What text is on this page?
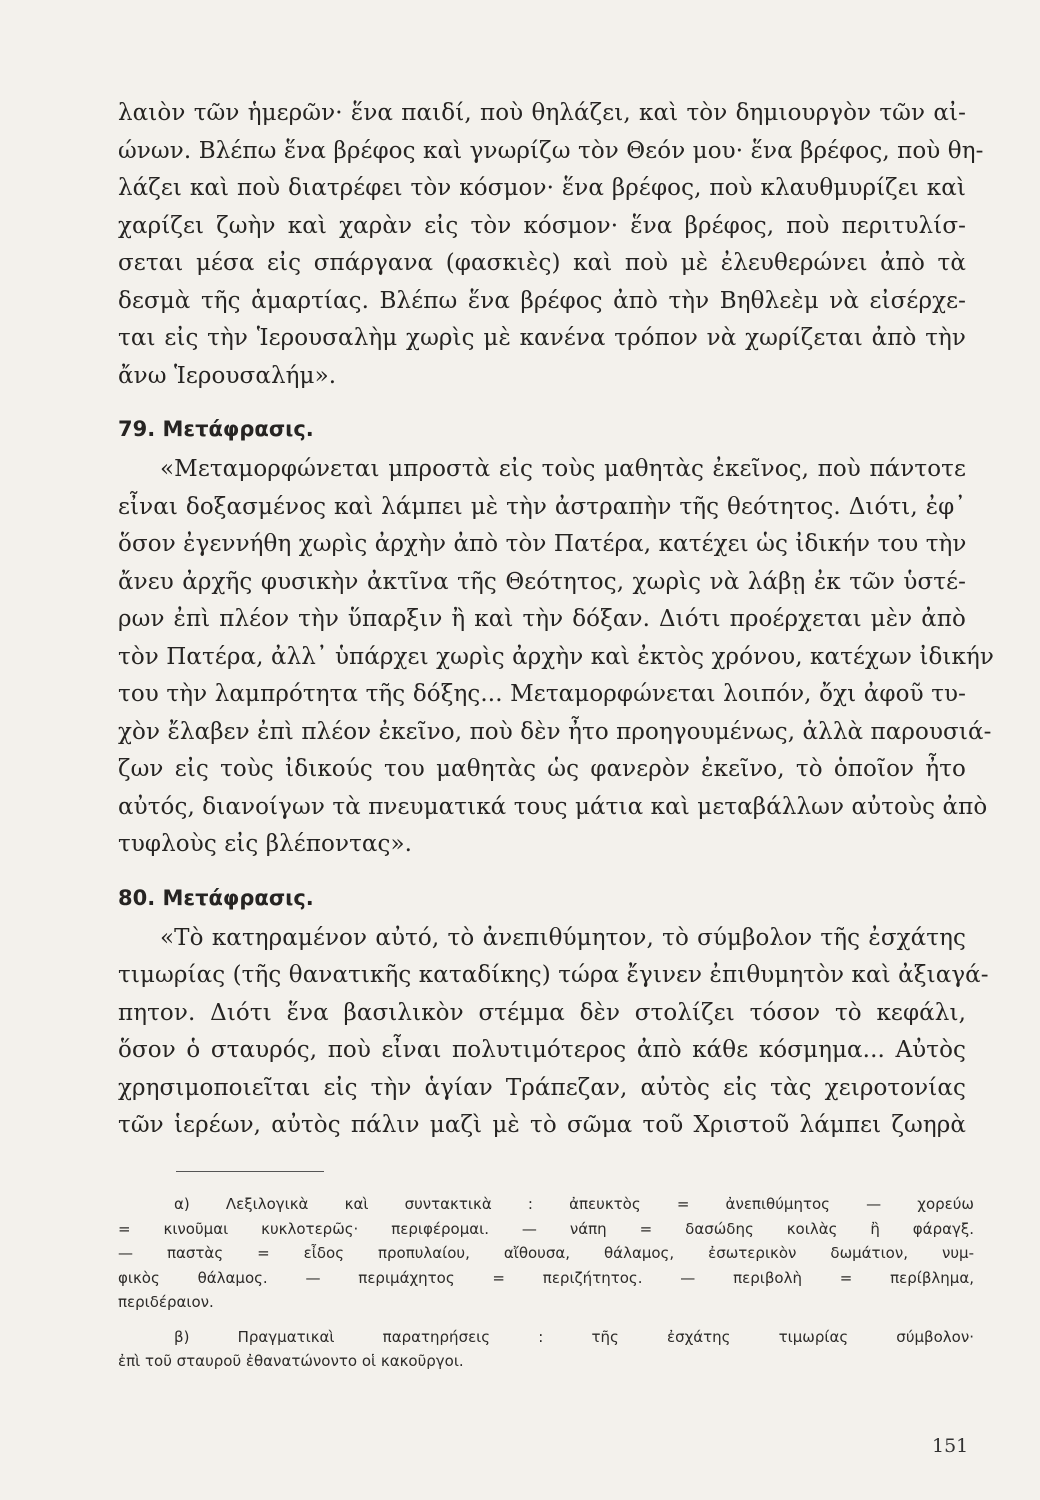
λαιὸν τῶν ἡμερῶν· ἕνα παιδί, ποὺ θηλάζει, καὶ τὸν δημιουργὸν τῶν αἰ-
ώνων. Βλέπω ἕνα βρέφος καὶ γνωρίζω τὸν Θεόν μου· ἕνα βρέφος, ποὺ θη-
λάζει καὶ ποὺ διατρέφει τὸν κόσμον· ἕνα βρέφος, ποὺ κλαυθμυρίζει καὶ
χαρίζει ζωὴν καὶ χαρὰν εἰς τὸν κόσμον· ἕνα βρέφος, ποὺ περιτυλίσ-
σεται μέσα εἰς σπάργανα (φασκιὲς) καὶ ποὺ μὲ ἐλευθερώνει ἀπὸ τὰ
δεσμὰ τῆς ἁμαρτίας. Βλέπω ἕνα βρέφος ἀπὸ τὴν Βηθλεὲμ νὰ εἰσέρχε-
ται εἰς τὴν Ἱερουσαλὴμ χωρὶς μὲ κανένα τρόπον νὰ χωρίζεται ἀπὸ τὴν
ἄνω Ἱερουσαλήμ».
79. Μετάφρασις.
«Μεταμορφώνεται μπροστὰ εἰς τοὺς μαθητὰς ἐκεῖνος, ποὺ πάντοτε
εἶναι δοξασμένος καὶ λάμπει μὲ τὴν ἀστραπὴν τῆς θεότητος. Διότι, ἐφ᾿
ὅσον ἐγεννήθη χωρὶς ἀρχὴν ἀπὸ τὸν Πατέρα, κατέχει ὡς ἰδικήν του τὴν
ἄνευ ἀρχῆς φυσικὴν ἀκτῖνα τῆς Θεότητος, χωρὶς νὰ λάβῃ ἐκ τῶν ὑστέ-
ρων ἐπὶ πλέον τὴν ὕπαρξιν ἢ καὶ τὴν δόξαν. Διότι προέρχεται μὲν ἀπὸ
τὸν Πατέρα, ἀλλ᾿ ὑπάρχει χωρὶς ἀρχὴν καὶ ἐκτὸς χρόνου, κατέχων ἰδικήν
του τὴν λαμπρότητα τῆς δόξης... Μεταμορφώνεται λοιπόν, ὄχι ἀφοῦ τυ-
χὸν ἔλαβεν ἐπὶ πλέον ἐκεῖνο, ποὺ δὲν ἦτο προηγουμένως, ἀλλὰ παρουσιά-
ζων εἰς τοὺς ἰδικούς του μαθητὰς ὡς φανερὸν ἐκεῖνο, τὸ ὁποῖον ἦτο
αὐτός, διανοίγων τὰ πνευματικά τους μάτια καὶ μεταβάλλων αὐτοὺς ἀπὸ
τυφλοὺς εἰς βλέποντας».
80. Μετάφρασις.
«Τὸ κατηραμένον αὐτό, τὸ ἀνεπιθύμητον, τὸ σύμβολον τῆς ἐσχάτης
τιμωρίας (τῆς θανατικῆς καταδίκης) τώρα ἔγινεν ἐπιθυμητὸν καὶ ἀξιαγά-
πητον. Διότι ἕνα βασιλικὸν στέμμα δὲν στολίζει τόσον τὸ κεφάλι,
ὅσον ὁ σταυρός, ποὺ εἶναι πολυτιμότερος ἀπὸ κάθε κόσμημα... Αὐτὸς
χρησιμοποιεῖται εἰς τὴν ἁγίαν Τράπεζαν, αὐτὸς εἰς τὰς χειροτονίας
τῶν ἱερέων, αὐτὸς πάλιν μαζὶ μὲ τὸ σῶμα τοῦ Χριστοῦ λάμπει ζωηρὰ
α) Λεξιλογικὰ καὶ συντακτικὰ : ἀπευκτὸς = ἀνεπιθύμητος — χορεύω
= κινοῦμαι κυκλοτερῶς· περιφέρομαι. — νάπη = δασώδης κοιλὰς ἢ φάραγξ.
— παστὰς = εἶδος προπυλαίου, αἴθουσα, θάλαμος, ἐσωτερικὸν δωμάτιον, νυμ-
φικὸς θάλαμος. — περιμάχητος = περιζήτητος. — περιβολὴ = περίβλημα,
περιδέραιον.
β) Πραγματικαὶ παρατηρήσεις : τῆς ἐσχάτης τιμωρίας σύμβολον·
ἐπὶ τοῦ σταυροῦ ἐθανατώνοντο οἱ κακοῦργοι.
151
